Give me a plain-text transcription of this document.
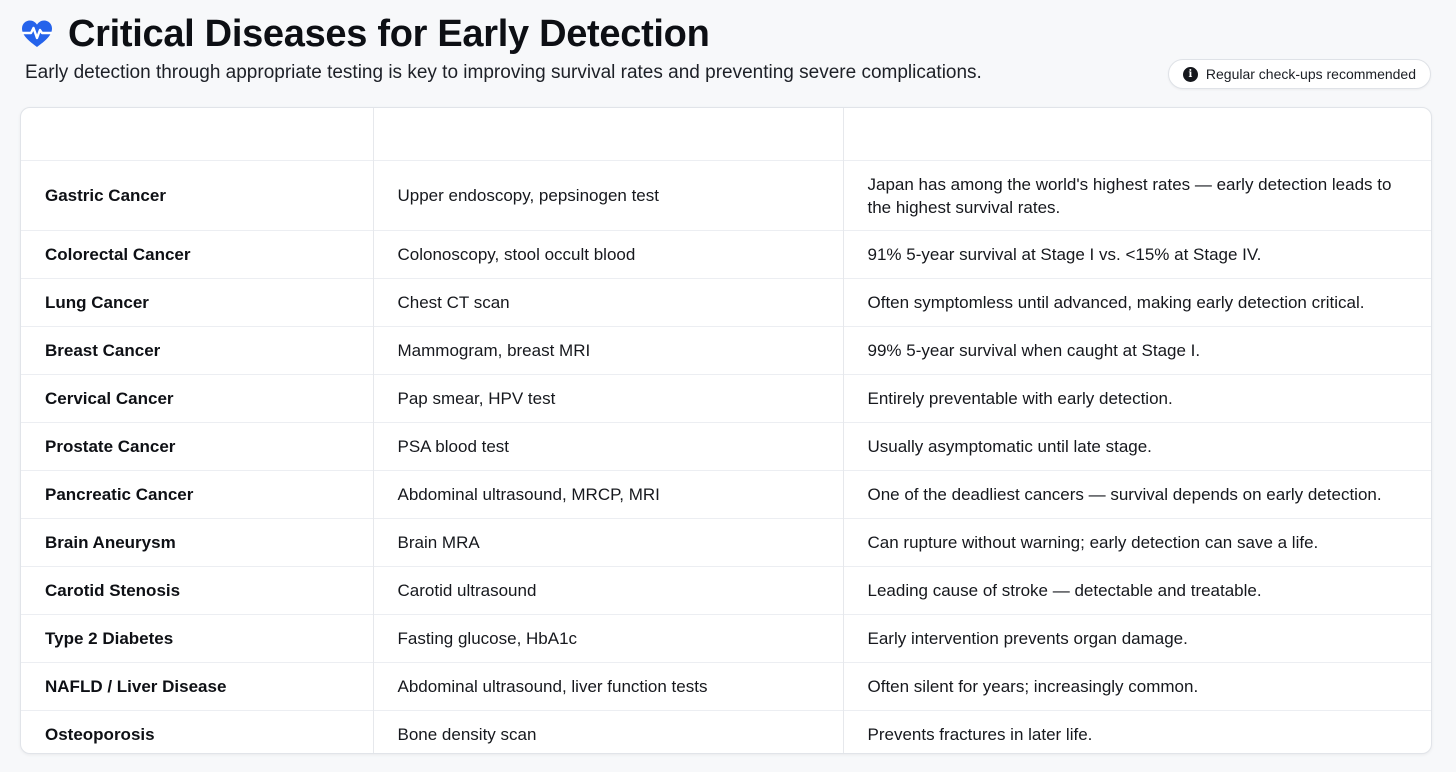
Critical Diseases for Early Detection
Early detection through appropriate testing is key to improving survival rates and preventing severe complications.	i Regular check-ups recommended

Gastric Cancer	Upper endoscopy, pepsinogen test	Japan has among the world's highest rates — early detection leads to the highest survival rates.
Colorectal Cancer	Colonoscopy, stool occult blood	91% 5-year survival at Stage I vs. <15% at Stage IV.
Lung Cancer	Chest CT scan	Often symptomless until advanced, making early detection critical.
Breast Cancer	Mammogram, breast MRI	99% 5-year survival when caught at Stage I.
Cervical Cancer	Pap smear, HPV test	Entirely preventable with early detection.
Prostate Cancer	PSA blood test	Usually asymptomatic until late stage.
Pancreatic Cancer	Abdominal ultrasound, MRCP, MRI	One of the deadliest cancers — survival depends on early detection.
Brain Aneurysm	Brain MRA	Can rupture without warning; early detection can save a life.
Carotid Stenosis	Carotid ultrasound	Leading cause of stroke — detectable and treatable.
Type 2 Diabetes	Fasting glucose, HbA1c	Early intervention prevents organ damage.
NAFLD / Liver Disease	Abdominal ultrasound, liver function tests	Often silent for years; increasingly common.
Osteoporosis	Bone density scan	Prevents fractures in later life.
